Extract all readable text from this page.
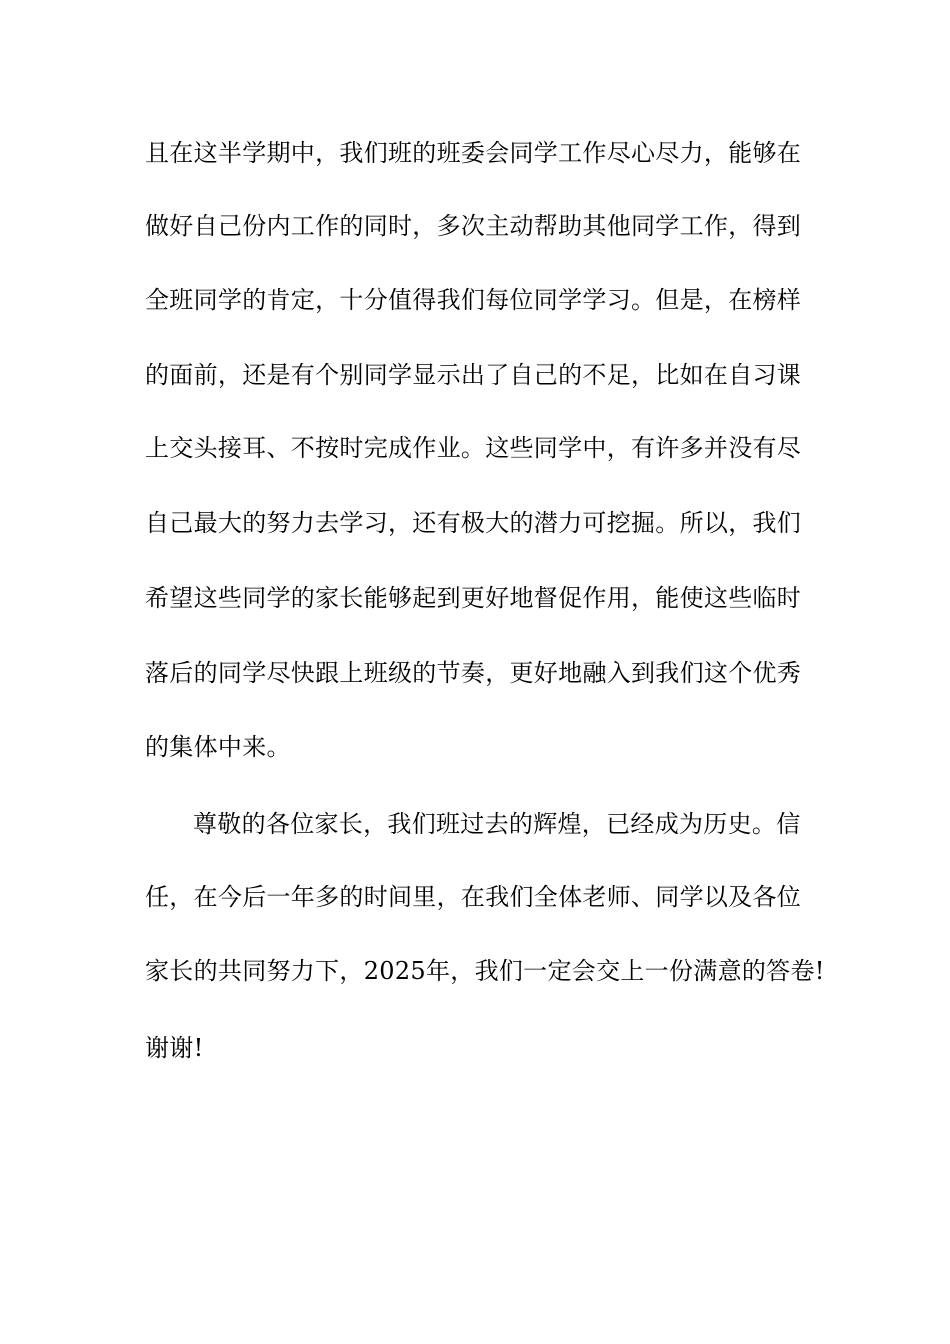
且在这半学期中，我们班的班委会同学工作尽心尽力，能够在
做好自己份内工作的同时，多次主动帮助其他同学工作，得到
全班同学的肯定，十分值得我们每位同学学习。但是，在榜样
的面前，还是有个别同学显示出了自己的不足，比如在自习课
上交头接耳、不按时完成作业。这些同学中，有许多并没有尽
自己最大的努力去学习，还有极大的潜力可挖掘。所以，我们
希望这些同学的家长能够起到更好地督促作用，能使这些临时
落后的同学尽快跟上班级的节奏，更好地融入到我们这个优秀
的集体中来。
尊敬的各位家长，我们班过去的辉煌，已经成为历史。信
任，在今后一年多的时间里，在我们全体老师、同学以及各位
家长的共同努力下，2025年，我们一定会交上一份满意的答卷!
谢谢!
